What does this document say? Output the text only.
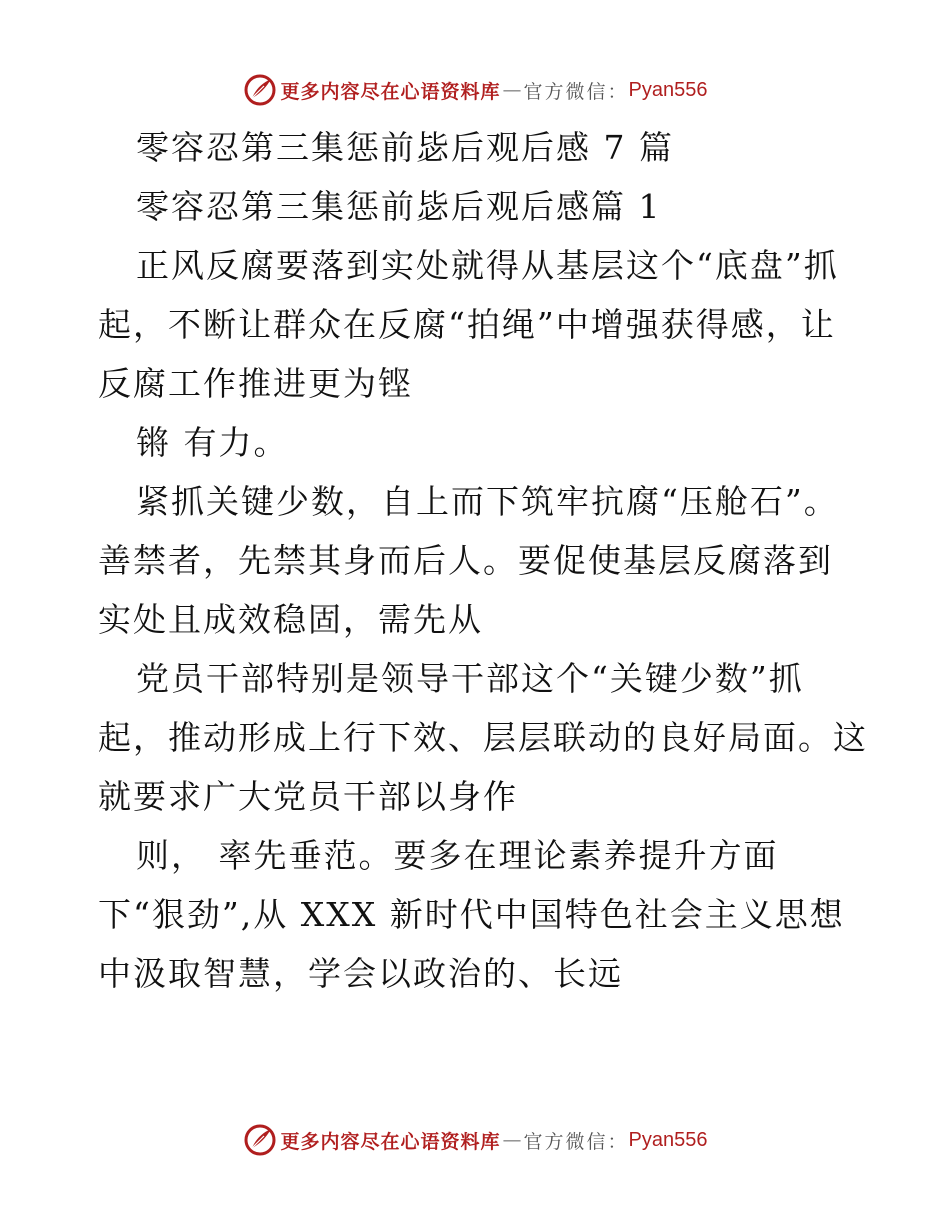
更多内容尽在心语资料库 — 官方微信： Pyan556
零容忍第三集惩前毖后观后感 7 篇
零容忍第三集惩前毖后观后感篇 1
正风反腐要落到实处就得从基层这个“底盘”抓
起，不断让群众在反腐“拍绳”中增强获得感，让
反腐工作推进更为铿
锵 有力。
紧抓关键少数，自上而下筑牢抗腐“压舱石”。
善禁者，先禁其身而后人。要促使基层反腐落到
实处且成效稳固，需先从
党员干部特别是领导干部这个“关键少数”抓
起，推动形成上行下效、层层联动的良好局面。这
就要求广大党员干部以身作
则， 率先垂范。要多在理论素养提升方面
下“狠劲”,从 XXX 新时代中国特色社会主义思想
中汲取智慧，学会以政治的、长远
更多内容尽在心语资料库 — 官方微信： Pyan556
